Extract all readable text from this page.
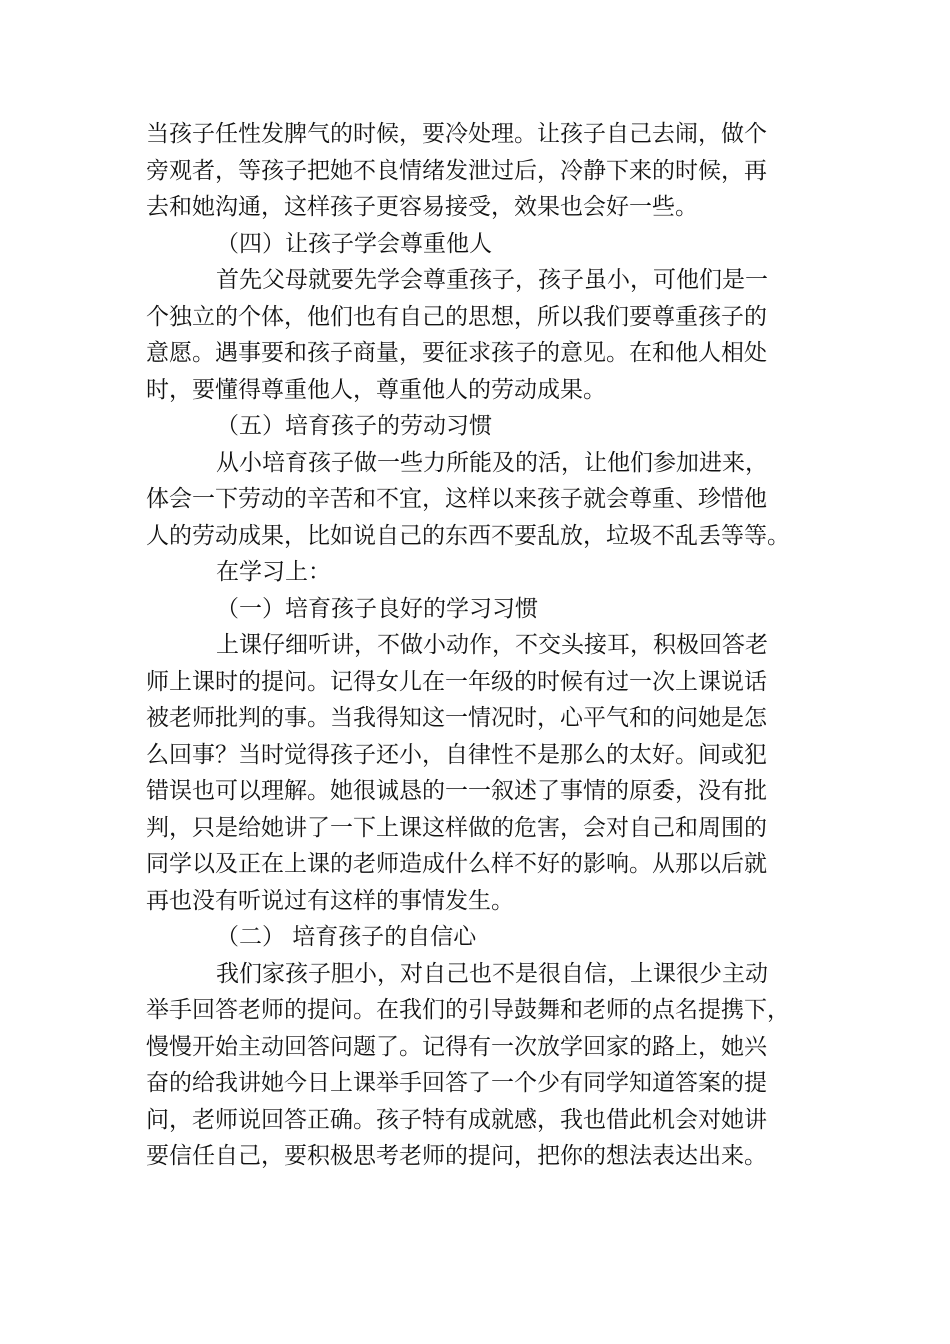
当孩子任性发脾气的时候，要冷处理。让孩子自己去闹，做个
旁观者，等孩子把她不良情绪发泄过后，冷静下来的时候，再
去和她沟通，这样孩子更容易接受，效果也会好一些。
（四）让孩子学会尊重他人
首先父母就要先学会尊重孩子，孩子虽小，可他们是一
个独立的个体，他们也有自己的思想，所以我们要尊重孩子的
意愿。遇事要和孩子商量，要征求孩子的意见。在和他人相处
时，要懂得尊重他人，尊重他人的劳动成果。
（五）培育孩子的劳动习惯
从小培育孩子做一些力所能及的活，让他们参加进来，
体会一下劳动的辛苦和不宜，这样以来孩子就会尊重、珍惜他
人的劳动成果，比如说自己的东西不要乱放，垃圾不乱丢等等。
在学习上：
（一）培育孩子良好的学习习惯
上课仔细听讲，不做小动作，不交头接耳，积极回答老
师上课时的提问。记得女儿在一年级的时候有过一次上课说话
被老师批判的事。当我得知这一情况时，心平气和的问她是怎
么回事？当时觉得孩子还小，自律性不是那么的太好。间或犯
错误也可以理解。她很诚恳的一一叙述了事情的原委，没有批
判，只是给她讲了一下上课这样做的危害，会对自己和周围的
同学以及正在上课的老师造成什么样不好的影响。从那以后就
再也没有听说过有这样的事情发生。
（二） 培育孩子的自信心
我们家孩子胆小，对自己也不是很自信，上课很少主动
举手回答老师的提问。在我们的引导鼓舞和老师的点名提携下，
慢慢开始主动回答问题了。记得有一次放学回家的路上，她兴
奋的给我讲她今日上课举手回答了一个少有同学知道答案的提
问，老师说回答正确。孩子特有成就感，我也借此机会对她讲
要信任自己，要积极思考老师的提问，把你的想法表达出来。
